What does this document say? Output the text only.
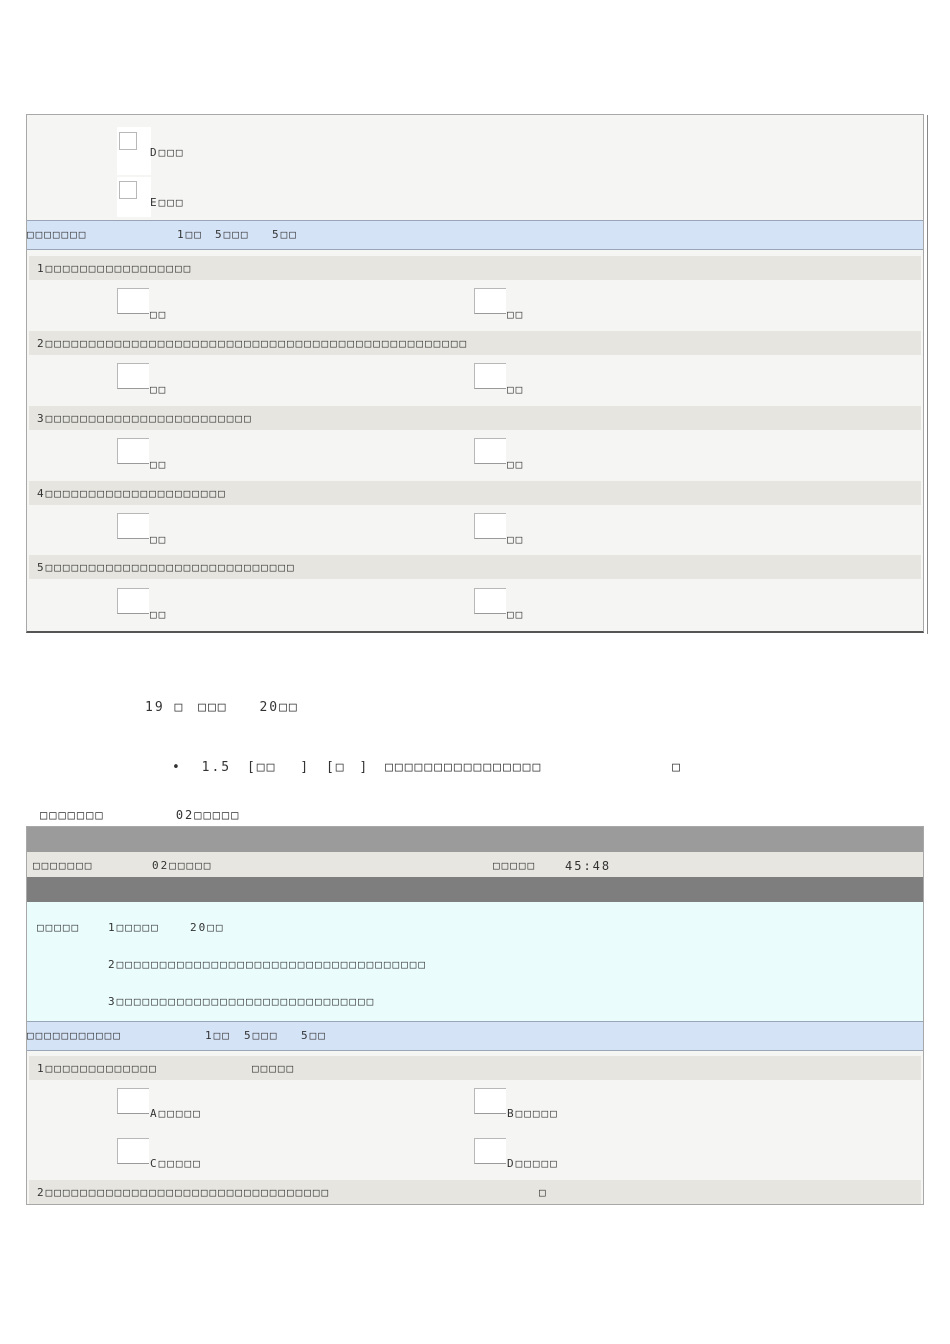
D□□□
E□□□
□□□□□□□	1□□ 5□□□ 5□□
1□□□□□□□□□□□□□□□□□
□□	□□
2□□□□□□□□□□□□□□□□□□□□□□□□□□□□□□□□□□□□□□□□□□□□□□□□□
□□	□□
3□□□□□□□□□□□□□□□□□□□□□□□□
□□	□□
4□□□□□□□□□□□□□□□□□□□□□
□□	□□
5□□□□□□□□□□□□□□□□□□□□□□□□□□□□□
□□	□□
19 □ □□□ 20□□
• 1.5 [□□ ] [□ ] □□□□□□□□□□□□□□□□	□
□□□□□□□	02□□□□□
□□□□□□□	02□□□□□	□□□□□ 45:48
□□□□□	1□□□□□	20□□
2□□□□□□□□□□□□□□□□□□□□□□□□□□□□□□□□□□□□
3□□□□□□□□□□□□□□□□□□□□□□□□□□□□□□
□□□□□□□□□□□	1□□ 5□□□ 5□□
1□□□□□□□□□□□□□	□□□□□
A□□□□□	B□□□□□
C□□□□□	D□□□□□
2□□□□□□□□□□□□□□□□□□□□□□□□□□□□□□□□□	□
